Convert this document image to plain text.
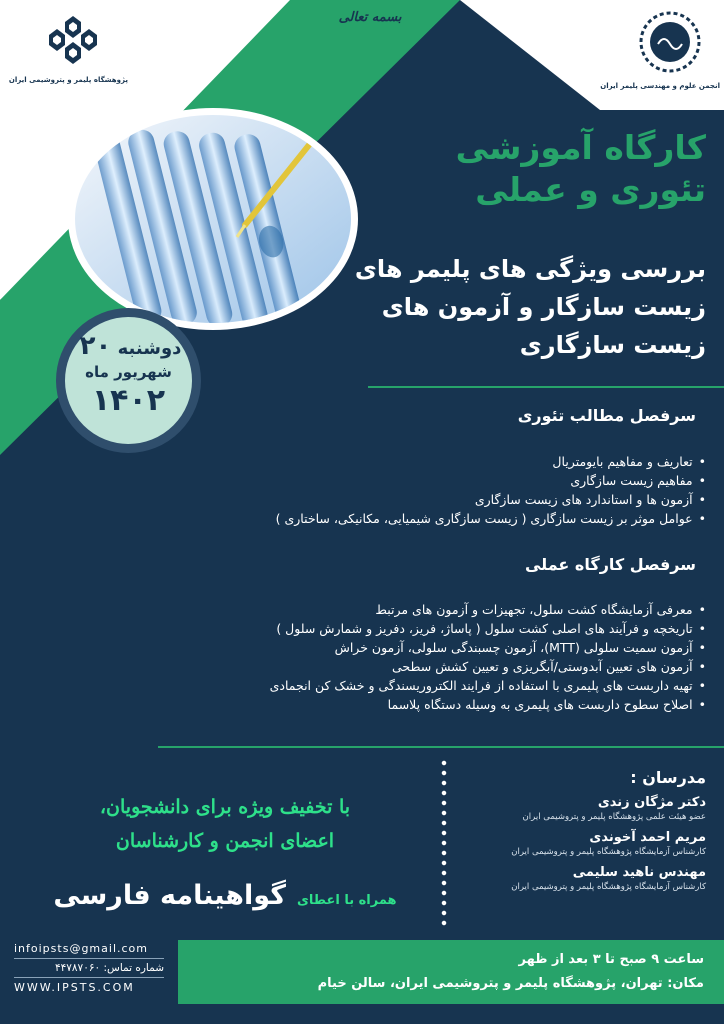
بسمه تعالی
پژوهشگاه پلیمر و پتروشیمی ایران
انجمن علوم و مهندسی پلیمر ایران
کارگاه آموزشی
تئوری و عملی
بررسی ویژگی های پلیمر های
زیست سازگار و آزمون های
زیست سازگاری
دوشنبه ۲۰
شهریور ماه
۱۴۰۲	سرفصل مطالب تئوری
• تعاریف و مفاهیم بایومتریال
• مفاهیم زیست سازگاری
• آزمون ها و استاندارد های زیست سازگاری
• عوامل موثر بر زیست سازگاری ( زیست سازگاری شیمیایی، مکانیکی، ساختاری )
سرفصل کارگاه عملی
• معرفی آزمایشگاه کشت سلول، تجهیزات و آزمون های مرتبط
• تاریخچه و فرآیند های اصلی کشت سلول ( پاساژ، فریز، دفریز و شمارش سلول )
• آزمون سمیت سلولی (MTT)، آزمون چسبندگی سلولی، آزمون خراش
• آزمون های تعیین آبدوستی/آبگریزی و تعیین کشش سطحی
• تهیه داربست های پلیمری با استفاده از فرایند الکتروریسندگی و خشک کن انجمادی
• اصلاح سطوح داربست های پلیمری به وسیله دستگاه پلاسما
مدرسان :
دکتر مژگان زندی
عضو هیئت علمی پژوهشگاه پلیمر و پتروشیمی ایران
مریم احمد آخوندی
کارشناس آزمایشگاه پژوهشگاه پلیمر و پتروشیمی ایران
مهندس ناهید سلیمی
کارشناس آزمایشگاه پژوهشگاه پلیمر و پتروشیمی ایران
با تخفیف ویژه برای دانشجویان،
اعضای انجمن و کارشناسان
همراه با اعطای گواهینامه فارسی
ساعت ۹ صبح تا ۳ بعد از ظهر
مکان: تهران، پژوهشگاه پلیمر و پتروشیمی ایران، سالن خیام
infoipsts@gmail.com
شماره تماس: ۴۴۷۸۷۰۶۰
WWW.IPSTS.COM
